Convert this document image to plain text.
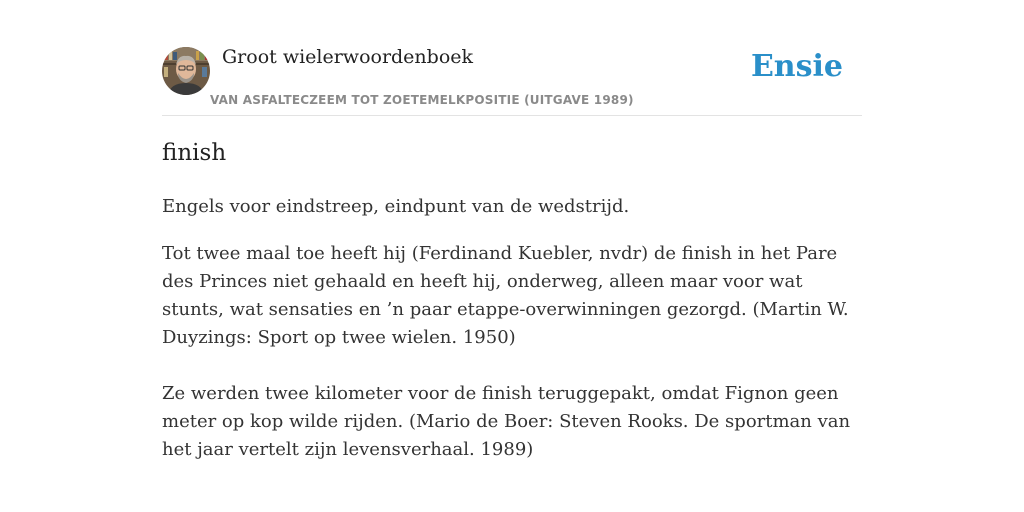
Groot wielerwoordenboek
VAN ASFALTECZEEM TOT ZOETEMELKPOSITIE (UITGAVE 1989)
Ensie
finish

Engels voor eindstreep, eindpunt van de wedstrijd.

Tot twee maal toe heeft hij (Ferdinand Kuebler, nvdr) de finish in het Pare des Princes niet gehaald en heeft hij, onderweg, alleen maar voor wat stunts, wat sensaties en ’n paar etappe-overwinningen gezorgd. (Martin W. Duyzings: Sport op twee wielen. 1950)

Ze werden twee kilometer voor de finish teruggepakt, omdat Fignon geen meter op kop wilde rijden. (Mario de Boer: Steven Rooks. De sportman van het jaar vertelt zijn levensverhaal. 1989)
